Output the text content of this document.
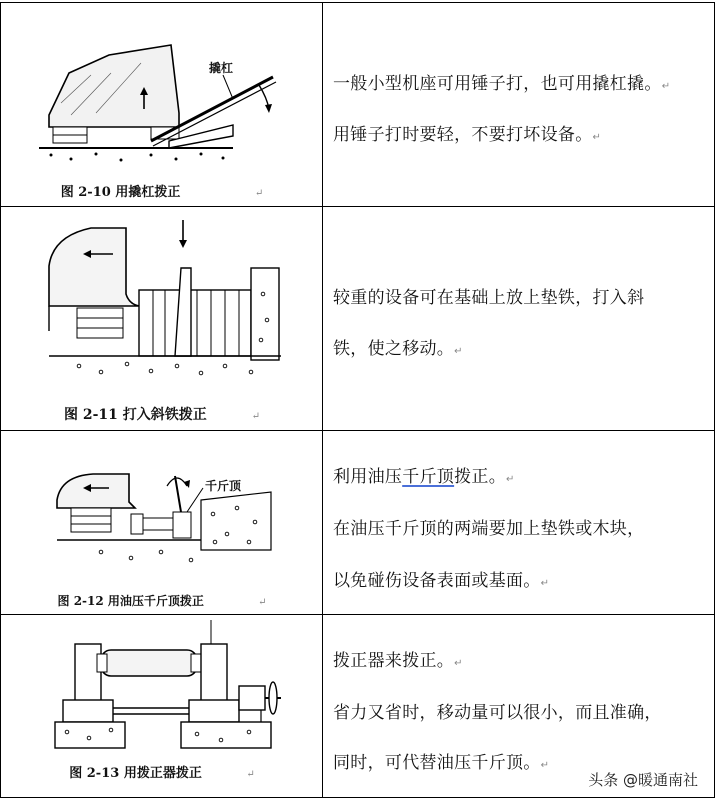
撬杠
图 2-10 用撬杠拨正	↵
一般小型机座可用锤子打，也可用撬杠撬。↵
用锤子打时要轻，不要打坏设备。↵
图 2-11 打入斜铁拨正	↵
较重的设备可在基础上放上垫铁，打入斜
铁，使之移动。↵
千斤顶
图 2-12 用油压千斤顶拨正	↵
利用油压千斤顶拨正。↵
在油压千斤顶的两端要加上垫铁或木块，
以免碰伤设备表面或基面。↵
图 2-13 用拨正器拨正	↵
拨正器来拨正。↵
省力又省时，移动量可以很小，而且准确，
同时，可代替油压千斤顶。↵
头条 @暖通南社
